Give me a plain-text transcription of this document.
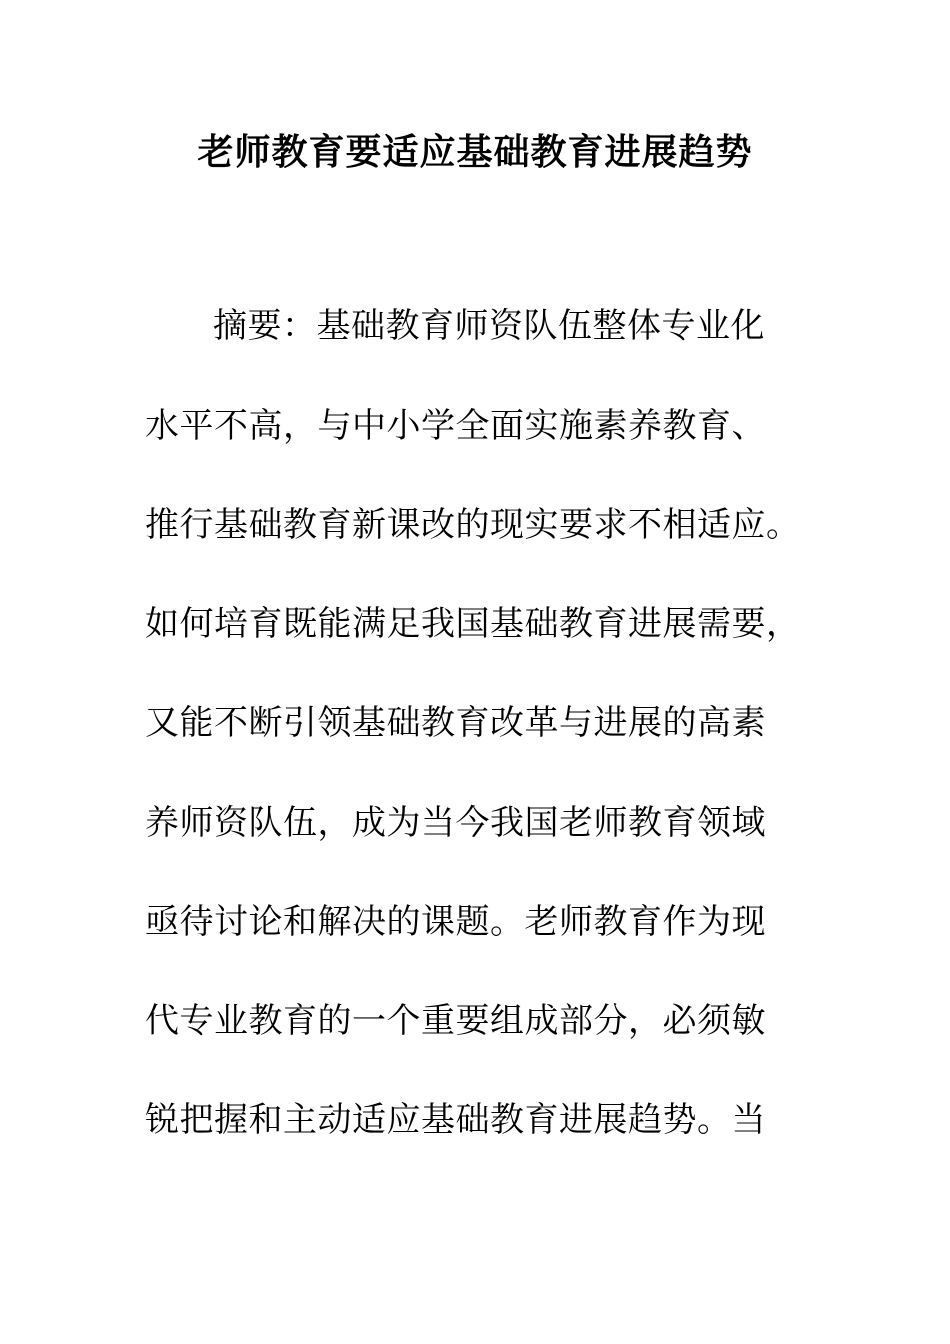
老师教育要适应基础教育进展趋势
摘要：基础教育师资队伍整体专业化
水平不高，与中小学全面实施素养教育、
推行基础教育新课改的现实要求不相适应。
如何培育既能满足我国基础教育进展需要，
又能不断引领基础教育改革与进展的高素
养师资队伍，成为当今我国老师教育领域
亟待讨论和解决的课题。老师教育作为现
代专业教育的一个重要组成部分，必须敏
锐把握和主动适应基础教育进展趋势。当
